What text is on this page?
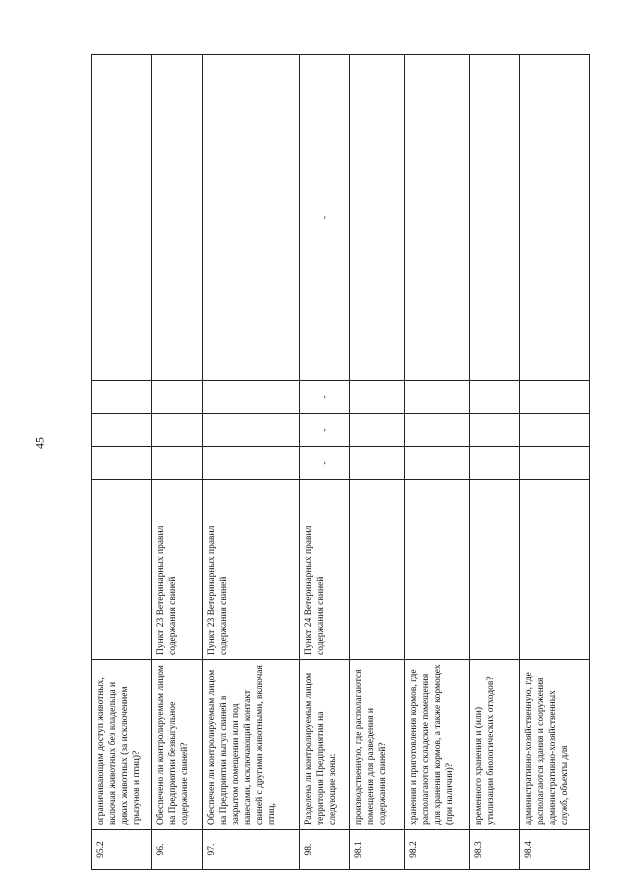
45
95.2	ограничивающим доступ животных, включая животных без владельца и диких животных (за исключением грызунов и птиц)?					
96.	Обеспечено ли контролируемым лицом на Предприятии безвыгульное содержание свиней?	Пункт 23 Ветеринарных правил содержания свиней				
97.	Обеспечен ли контролируемым лицом на Предприятии выгул свиней в закрытом помещении или под навесами, исключающий контакт свиней с другими животными, включая птиц,	Пункт 23 Ветеринарных правил содержания свиней				
98.	Разделена ли контролируемым лицом территория Предприятия на следующие зоны:	Пункт 24 Ветеринарных правил содержания свиней	-	-	-	-
98.1	производственную, где располагаются помещения для разведения и содержания свиней?					
98.2	хранения и приготовления кормов, где располагаются складские помещения для хранения кормов, а также кормоцех (при наличии)?					
98.3	временного хранения и (или) утилизации биологических отходов?					
98.4	административно-хозяйственную, где располагаются здания и сооружения административно-хозяйственных служб, объекты для					
